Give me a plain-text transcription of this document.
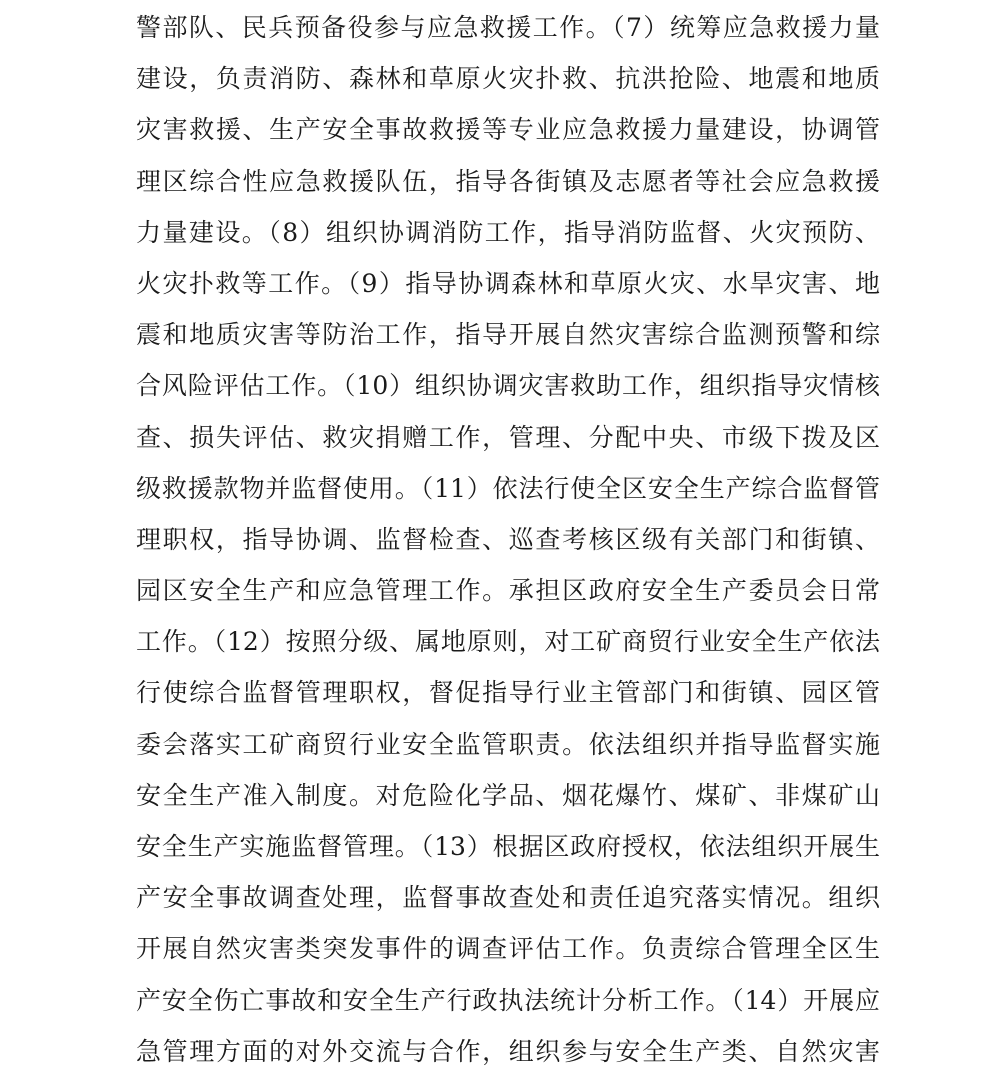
警部队、民兵预备役参与应急救援工作。（7）统筹应急救援力量
建设，负责消防、森林和草原火灾扑救、抗洪抢险、地震和地质
灾害救援、生产安全事故救援等专业应急救援力量建设，协调管
理区综合性应急救援队伍，指导各街镇及志愿者等社会应急救援
力量建设。（8）组织协调消防工作，指导消防监督、火灾预防、
火灾扑救等工作。（9）指导协调森林和草原火灾、水旱灾害、地
震和地质灾害等防治工作，指导开展自然灾害综合监测预警和综
合风险评估工作。（10）组织协调灾害救助工作，组织指导灾情核
查、损失评估、救灾捐赠工作，管理、分配中央、市级下拨及区
级救援款物并监督使用。（11）依法行使全区安全生产综合监督管
理职权，指导协调、监督检查、巡查考核区级有关部门和街镇、
园区安全生产和应急管理工作。承担区政府安全生产委员会日常
工作。（12）按照分级、属地原则，对工矿商贸行业安全生产依法
行使综合监督管理职权，督促指导行业主管部门和街镇、园区管
委会落实工矿商贸行业安全监管职责。依法组织并指导监督实施
安全生产准入制度。对危险化学品、烟花爆竹、煤矿、非煤矿山
安全生产实施监督管理。（13）根据区政府授权，依法组织开展生
产安全事故调查处理，监督事故查处和责任追究落实情况。组织
开展自然灾害类突发事件的调查评估工作。负责综合管理全区生
产安全伤亡事故和安全生产行政执法统计分析工作。（14）开展应
急管理方面的对外交流与合作，组织参与安全生产类、自然灾害
